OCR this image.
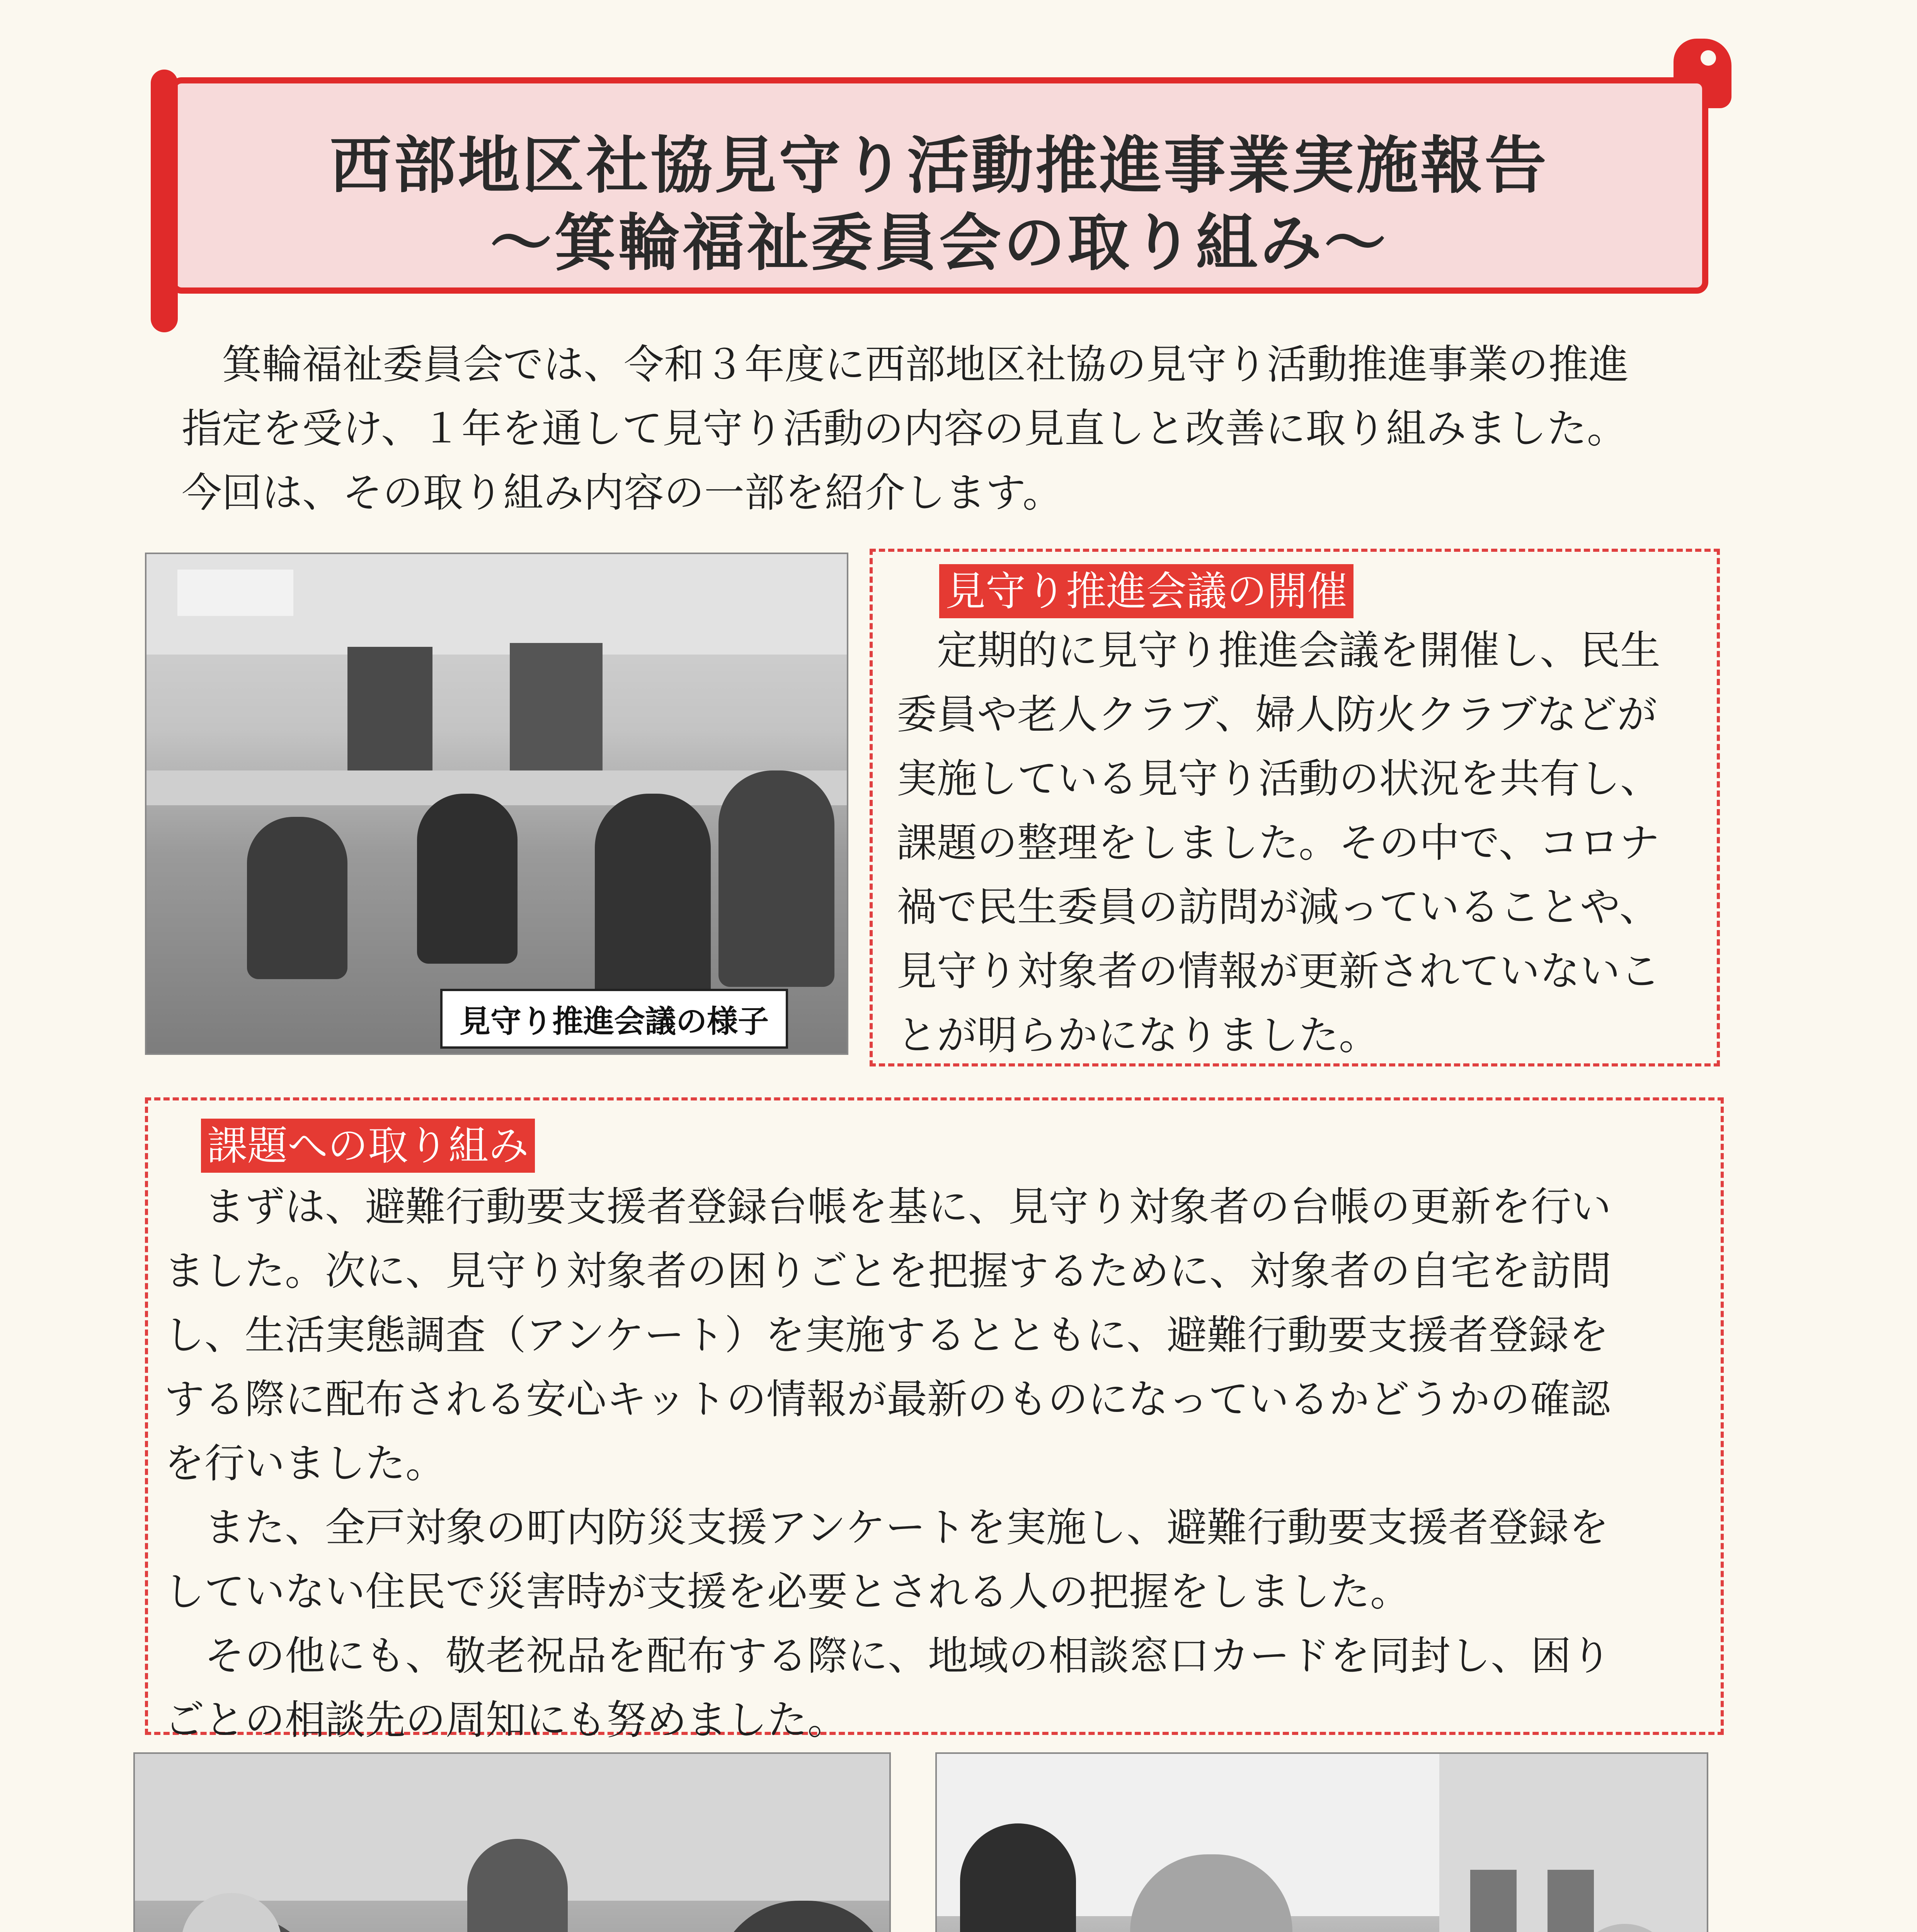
西部地区社協見守り活動推進事業実施報告
～箕輪福祉委員会の取り組み～
　箕輪福祉委員会では、令和３年度に西部地区社協の見守り活動推進事業の推進
指定を受け、１年を通して見守り活動の内容の見直しと改善に取り組みました。
今回は、その取り組み内容の一部を紹介します。
見守り推進会議の様子
見守り推進会議の開催
　定期的に見守り推進会議を開催し、民生
委員や老人クラブ、婦人防火クラブなどが
実施している見守り活動の状況を共有し、
課題の整理をしました。その中で、コロナ
禍で民生委員の訪問が減っていることや、
見守り対象者の情報が更新されていないこ
とが明らかになりました。
課題への取り組み
　まずは、避難行動要支援者登録台帳を基に、見守り対象者の台帳の更新を行い
ました。次に、見守り対象者の困りごとを把握するために、対象者の自宅を訪問
し、生活実態調査（アンケート）を実施するとともに、避難行動要支援者登録を
する際に配布される安心キットの情報が最新のものになっているかどうかの確認
を行いました。
　また、全戸対象の町内防災支援アンケートを実施し、避難行動要支援者登録を
していない住民で災害時が支援を必要とされる人の把握をしました。
　その他にも、敬老祝品を配布する際に、地域の相談窓口カードを同封し、困り
ごとの相談先の周知にも努めました。
